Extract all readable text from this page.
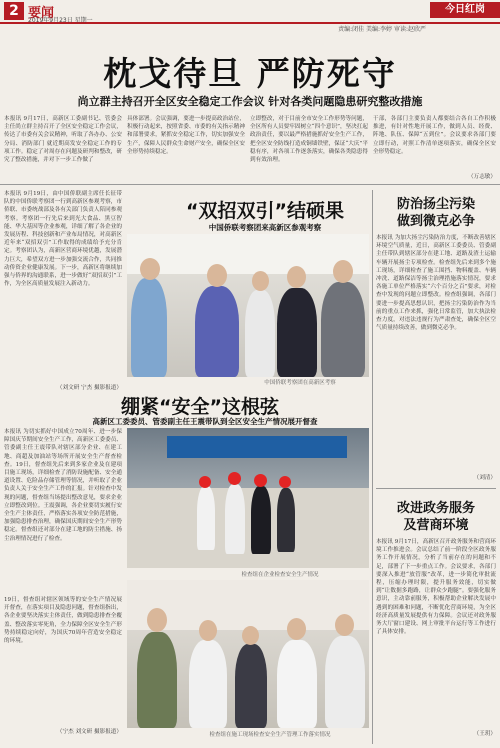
2 要闻
2019年9月23日 星期一
今日红岗
责编:闭佳 美编:李婷 审读:赵欣严
枕戈待旦 严防死守
尚立群主持召开全区安全稳定工作会议 针对各类问题隐患研究整改措施
本报讯 9月17日，高新区工委副书记、管委会主任尚立群主持召开了全区安全稳定工作会议，传达了市委有关会议精神，听取了各办办、公安分局、消防部门 就近期高发安全稳定工作的专项工作。稳定了对周存在问题及研判和整改，研究了整改措施，并对下一步工作做了
具体部署。会议强调，要进一步提高政治站位，积极行动起来，按照省委、市委的有关指示精神和部署要求，紧抓安全稳定工作，切实加强安全生产，保障人民群众生命财产安全，确保全区安全形势持续稳定。
立即整改，对于目前全市安全工作形势等问题，全区所有人员要牢固树立“四个意识”，坚决扛起政治责任，要以最严格措施抓好安全生产工作，把全区安全防线打造成铜墙铁壁，保证“大庆”平稳有序，对各项工作逐条落实，确保各类隐患得到有效治理。
干部，各部门主要负责人都要结合各自工作积极推进，有针对性地开展工作，做到人员、经费、阵地、队伍、保障“五到位”。会议要求各部门要立即行动，对照工作清单逐项落实，确保全区安全形势稳定。
（万志敏）
本报讯 9月19日，由中国侨联副主席任长征带队的中国侨联考察团一行到高新区参观考察，市侨联、市委统战部及各有关部门负责人陪同参观考察。考察团一行先后来到光大食品、黑豆智能、华大基因等企业参观，详细了解了各企业的发展历程、科技创新和产业布局情况，对高新区近年来“双招双引”工作取得的成绩给予充分肯定。考察团认为，高新区营商环境优越，发展潜力巨大，希望双方进一步加强交流合作，共同推动侨资企业健康发展。下一步，高新区将继续加强与侨界的沟通联系，进一步做好“双招双引”工作，为全区高质量发展注入新动力。
（刘文研 宁杰 摄影报道）
“双招双引”结硕果
中国侨联考察团来高新区参观考察
中国侨联考察团在高新区考察
绷紧“安全”这根弦
高新区工委委员、管委副主任王震带队到全区安全生产情况展开督查
本报讯 为切实抓好中国成立70周年、进一步保障国庆节期间安全生产工作，高新区工委委员、管委副主任王震带队对辖区部分企业、在建工地、商超及加油站等场所开展安全生产督查检查。19日，督查组先后来到多家企业及在建项目施工现场，详细检查了消防设施配备、安全通道设置、危险品存储管理等情况，并听取了企业负责人关于安全生产工作的汇报。针对检查中发现的问题，督查组当场提出整改意见，要求企业立即整改到位。王震强调，各企业要切实履行安全生产主体责任，严格落实各项安全防范措施，加强隐患排查治理，确保国庆期间安全生产形势稳定。督查组还对部分在建工地的防尘措施、扬尘治理情况进行了检查。
19日，督查组对辖区领域等的安全生产情况展开督查，在落实项目及隐患问题，督查组指出，各企业要坚决落实主体责任，做到隐患排查全覆盖、整改落实零死角，全力保障全区安全生产形势持续稳定向好，为国庆70周年营造安全稳定的环境。
（宁杰 刘文研 摄影报道）
检查组在企业检查安全生产情况
检查组在施工现场检查安全生产管理工作落实情况
防治扬尘污染
做到微克必争
本报讯 为加大扬尘污染防治力度，不断改善辖区环境空气质量，近日，高新区工委委员、管委副主任带队到辖区部分在建工地、道路及渣土运输车辆开展扬尘专项检查。检查组先后来到多个施工现场，详细检查了施工围挡、物料覆盖、车辆冲洗、道路保洁等扬尘治理措施落实情况，要求各施工单位严格落实“六个百分之百”要求，对检查中发现的问题立即整改。检查组强调，各部门要进一步提高思想认识，把扬尘污染防治作为当前的重点工作来抓，强化日常监管，加大执法检查力度，对违法违规行为严肃查处，确保全区空气质量持续改善，做到微克必争。
（刘清）
改进政务服务
及营商环境
本报讯 9月17日，高新区召开政务服务和营商环境工作推进会。会议总结了前一阶段全区政务服务工作开展情况，分析了当前存在的问题和不足，部署了下一步重点工作。会议要求，各部门要深入推进“放管服”改革，进一步简化审批流程，压缩办理时限，提升服务效能，切实做到“让数据多跑路，让群众少跑腿”。要强化服务意识，主动靠前服务，积极帮助企业解决发展中遇到的困难和问题，不断优化营商环境，为全区经济高质量发展提供有力保障。会议还对政务服务大厅窗口建设、网上审批平台运行等工作进行了具体安排。
（王玥）
